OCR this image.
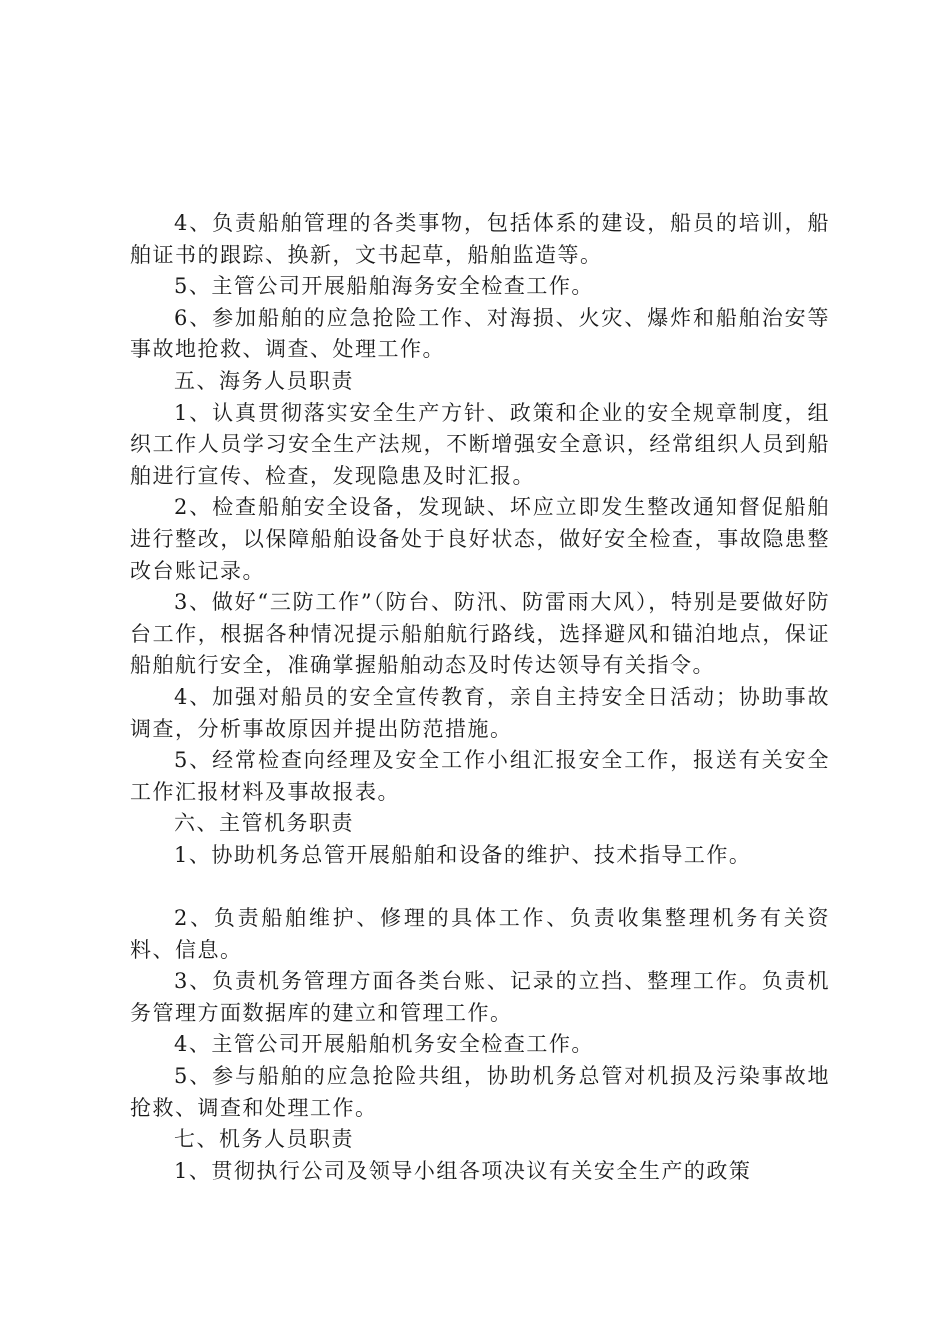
4、负责船舶管理的各类事物，包括体系的建设，船员的培训，船舶证书的跟踪、换新，文书起草，船舶监造等。

5、主管公司开展船舶海务安全检查工作。

6、参加船舶的应急抢险工作、对海损、火灾、爆炸和船舶治安等事故地抢救、调查、处理工作。

五、海务人员职责

1、认真贯彻落实安全生产方针、政策和企业的安全规章制度，组织工作人员学习安全生产法规，不断增强安全意识，经常组织人员到船舶进行宣传、检查，发现隐患及时汇报。

2、检查船舶安全设备，发现缺、坏应立即发生整改通知督促船舶进行整改，以保障船舶设备处于良好状态，做好安全检查，事故隐患整改台账记录。

3、做好“三防工作”（防台、防汛、防雷雨大风），特别是要做好防台工作，根据各种情况提示船舶航行路线，选择避风和锚泊地点，保证船舶航行安全，准确掌握船舶动态及时传达领导有关指令。

4、加强对船员的安全宣传教育，亲自主持安全日活动；协助事故调查，分析事故原因并提出防范措施。

5、经常检查向经理及安全工作小组汇报安全工作，报送有关安全工作汇报材料及事故报表。

六、主管机务职责

1、协助机务总管开展船舶和设备的维护、技术指导工作。

2、负责船舶维护、修理的具体工作、负责收集整理机务有关资料、信息。

3、负责机务管理方面各类台账、记录的立挡、整理工作。负责机务管理方面数据库的建立和管理工作。

4、主管公司开展船舶机务安全检查工作。

5、参与船舶的应急抢险共组，协助机务总管对机损及污染事故地抢救、调查和处理工作。

七、机务人员职责

1、贯彻执行公司及领导小组各项决议有关安全生产的政策
